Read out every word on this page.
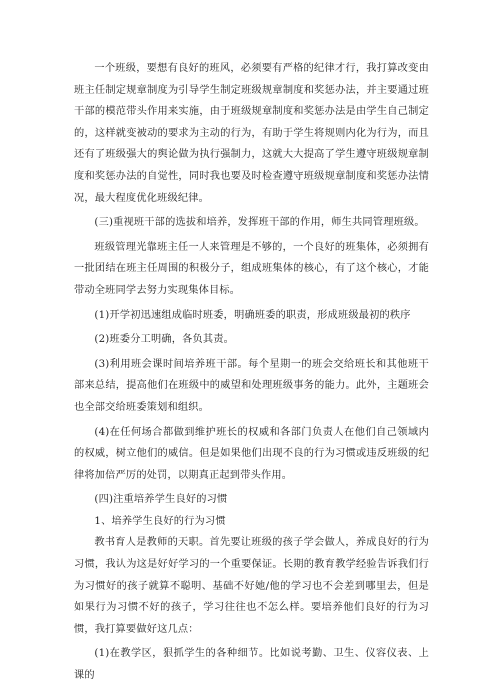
一个班级，要想有良好的班风，必须要有严格的纪律才行，我打算改变由班主任制定规章制度为引导学生制定班级规章制度和奖惩办法，并主要通过班干部的模范带头作用来实施，由于班级规章制度和奖惩办法是由学生自己制定的，这样就变被动的要求为主动的行为，有助于学生将规则内化为行为，而且还有了班级强大的舆论做为执行强制力，这就大大提高了学生遵守班级规章制度和奖惩办法的自觉性，同时我也要及时检查遵守班级规章制度和奖惩办法情况，最大程度优化班级纪律。

(三)重视班干部的选拔和培养，发挥班干部的作用，师生共同管理班级。

班级管理光靠班主任一人来管理是不够的，一个良好的班集体，必须拥有一批团结在班主任周围的积极分子，组成班集体的核心，有了这个核心，才能带动全班同学去努力实现集体目标。

(1)开学初迅速组成临时班委，明确班委的职责，形成班级最初的秩序

(2)班委分工明确，各负其责。

(3)利用班会课时间培养班干部。每个星期一的班会交给班长和其他班干部来总结，提高他们在班级中的威望和处理班级事务的能力。此外，主题班会也全部交给班委策划和组织。

(4)在任何场合都做到维护班长的权威和各部门负责人在他们自己领域内的权威，树立他们的威信。但是如果他们出现不良的行为习惯或违反班级的纪律将加倍严厉的处罚，以期真正起到带头作用。

(四)注重培养学生良好的习惯

1、培养学生良好的行为习惯

教书育人是教师的天职。首先要让班级的孩子学会做人，养成良好的行为习惯，我认为这是好好学习的一个重要保证。长期的教育教学经验告诉我们行为习惯好的孩子就算不聪明、基础不好她/他的学习也不会差到哪里去，但是如果行为习惯不好的孩子，学习往往也不怎么样。要培养他们良好的行为习惯，我打算要做好这几点：

(1)在教学区，狠抓学生的各种细节。比如说考勤、卫生、仪容仪表、上课的
